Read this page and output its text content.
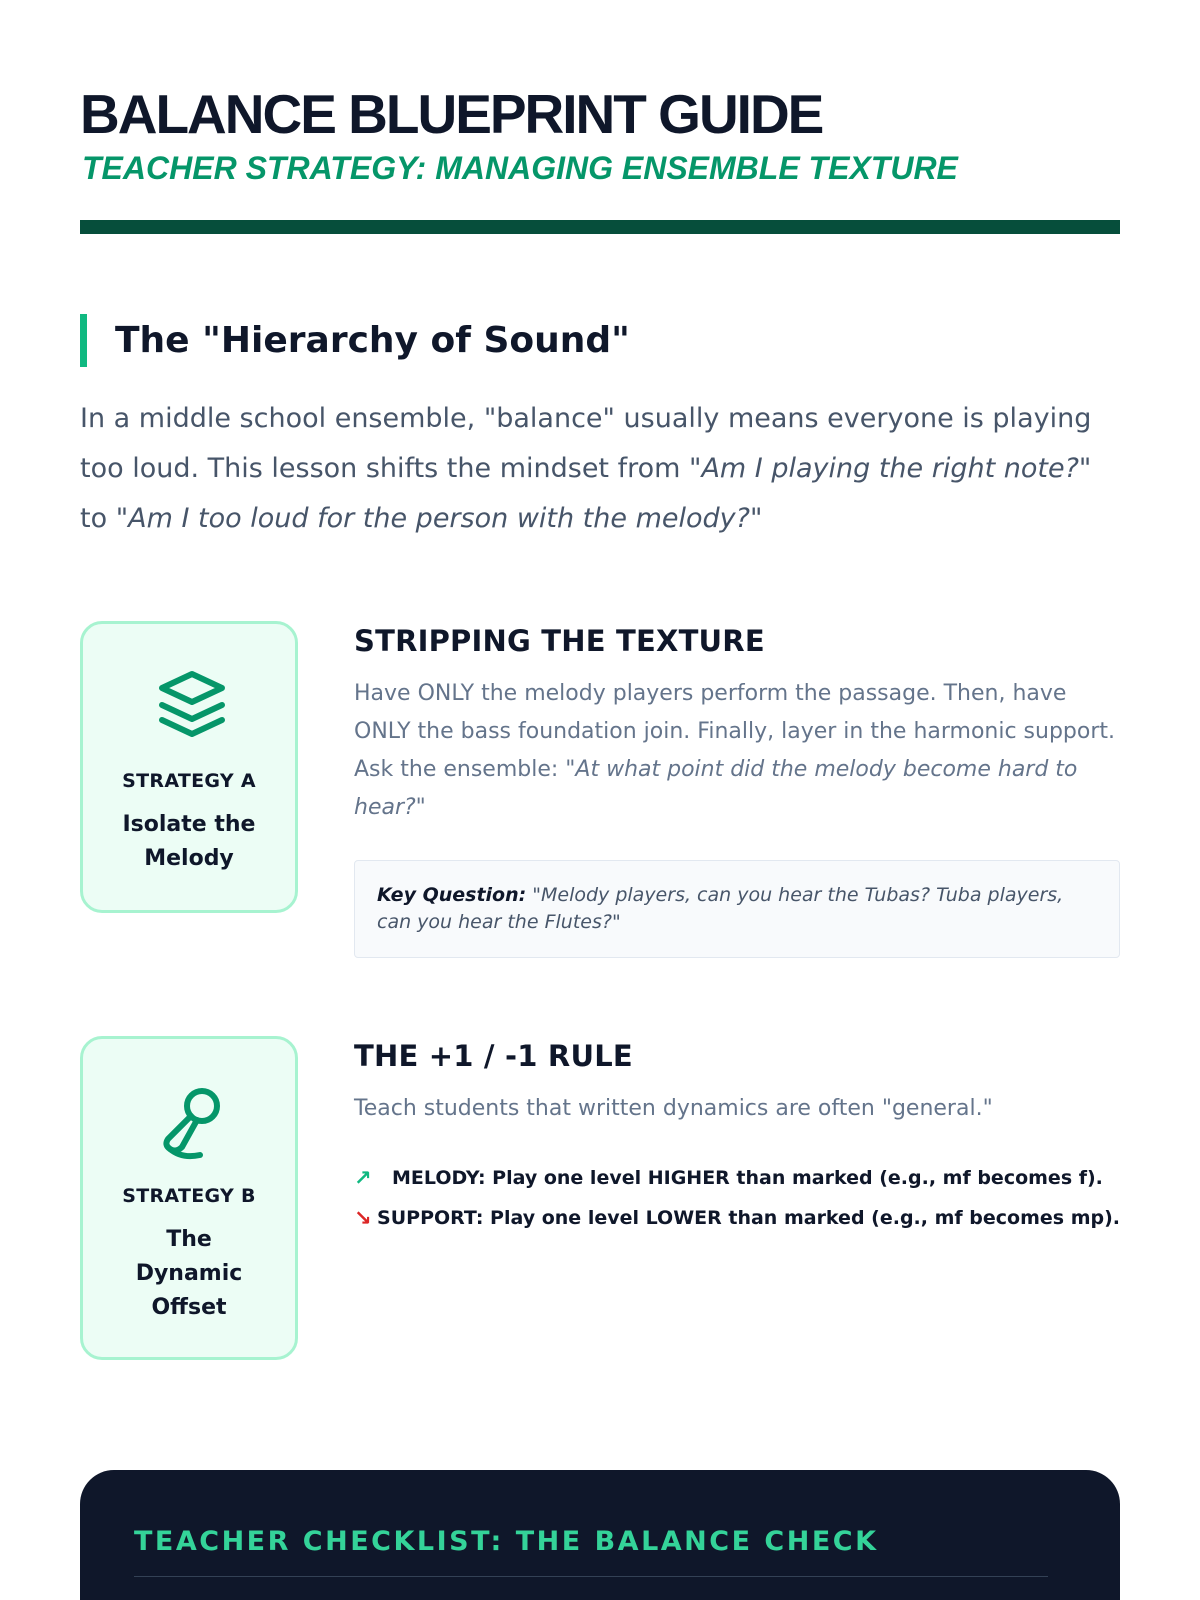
BALANCE BLUEPRINT GUIDE
TEACHER STRATEGY: MANAGING ENSEMBLE TEXTURE
The "Hierarchy of Sound"

In a middle school ensemble, "balance" usually means everyone is playing too loud. This lesson shifts the mindset from "Am I playing the right note?" to "Am I too loud for the person with the melody?"

STRATEGY A
Isolate the Melody
STRIPPING THE TEXTURE

Have ONLY the melody players perform the passage. Then, have ONLY the bass foundation join. Finally, layer in the harmonic support. Ask the ensemble: "At what point did the melody become hard to hear?"

Key Question: "Melody players, can you hear the Tubas? Tuba players, can you hear the Flutes?"
STRATEGY B
The Dynamic Offset
THE +1 / -1 RULE

Teach students that written dynamics are often "general."

↗	MELODY: Play one level HIGHER than marked (e.g., mf becomes f).
↘ SUPPORT: Play one level LOWER than marked (e.g., mf becomes mp).
TEACHER CHECKLIST: THE BALANCE CHECK
